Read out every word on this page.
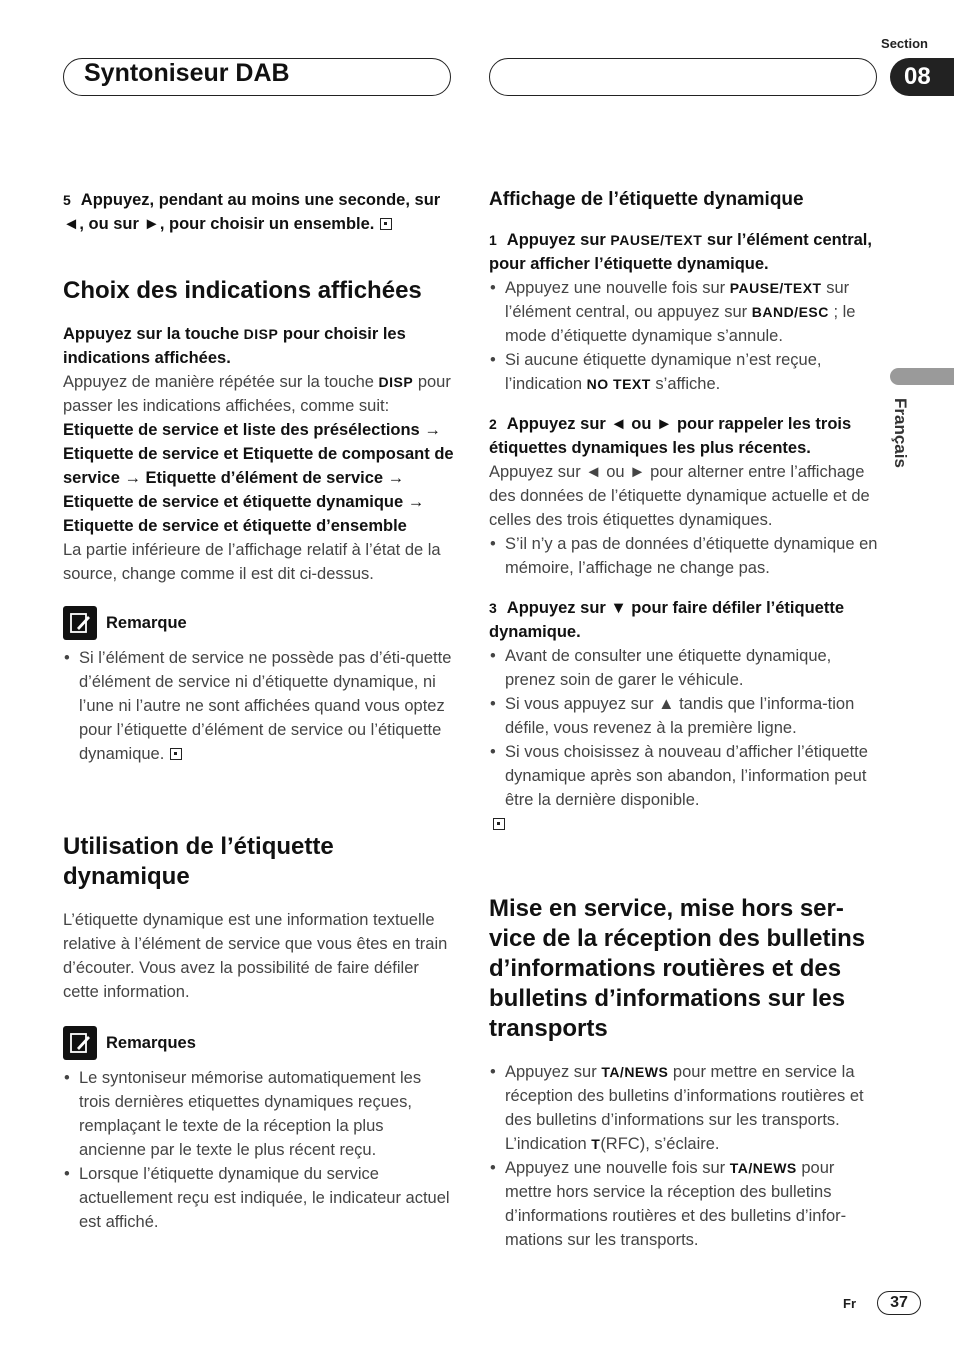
Syntoniseur DAB
Section
08
Français

5 Appuyez, pendant au moins une seconde, sur ◄, ou sur ►, pour choisir un ensemble.

Choix des indications affichées

Appuyez sur la touche DISP pour choisir les indications affichées.

Appuyez de manière répétée sur la touche DISP pour passer les indications affichées, comme suit:

Etiquette de service et liste des présélections → Etiquette de service et Etiquette de composant de service → Etiquette d’élément de service → Etiquette de service et étiquette dynamique → Etiquette de service et étiquette d’ensemble

La partie inférieure de l’affichage relatif à l’état de la source, change comme il est dit ci-dessus.

Remarque

• Si l’élément de service ne possède pas d’éti-quette d’élément de service ni d’étiquette dynamique, ni l’une ni l’autre ne sont affichées quand vous optez pour l’étiquette d’élément de service ou l’étiquette dynamique.

Utilisation de l’étiquette dynamique

L’étiquette dynamique est une information textuelle relative à l’élément de service que vous êtes en train d’écouter. Vous avez la possibilité de faire défiler cette information.

Remarques

• Le syntoniseur mémorise automatiquement les trois dernières etiquettes dynamiques reçues, remplaçant le texte de la réception la plus ancienne par le texte le plus récent reçu.

• Lorsque l’étiquette dynamique du service actuellement reçu est indiquée, le indicateur actuel est affiché.

Affichage de l’étiquette dynamique

1 Appuyez sur PAUSE/TEXT sur l’élément central, pour afficher l’étiquette dynamique.

• Appuyez une nouvelle fois sur PAUSE/TEXT sur l’élément central, ou appuyez sur BAND/ESC ; le mode d’étiquette dynamique s’annule.

• Si aucune étiquette dynamique n’est reçue, l’indication NO TEXT s’affiche.

2 Appuyez sur ◄ ou ► pour rappeler les trois étiquettes dynamiques les plus récentes.

Appuyez sur ◄ ou ► pour alterner entre l’affichage des données de l’étiquette dynamique actuelle et de celles des trois étiquettes dynamiques.

• S’il n’y a pas de données d’étiquette dynamique en mémoire, l’affichage ne change pas.

3 Appuyez sur ▼ pour faire défiler l’étiquette dynamique.

• Avant de consulter une étiquette dynamique, prenez soin de garer le véhicule.

• Si vous appuyez sur ▲ tandis que l’informa-tion défile, vous revenez à la première ligne.

• Si vous choisissez à nouveau d’afficher l’étiquette dynamique après son abandon, l’information peut être la dernière disponible.

Mise en service, mise hors ser-vice de la réception des bulletins d’informations routières et des bulletins d’informations sur les transports

• Appuyez sur TA/NEWS pour mettre en service la réception des bulletins d’informations routières et des bulletins d’informations sur les transports. L’indication T(RFC), s’éclaire.

• Appuyez une nouvelle fois sur TA/NEWS pour mettre hors service la réception des bulletins d’informations routières et des bulletins d’infor-mations sur les transports.

Fr	37
